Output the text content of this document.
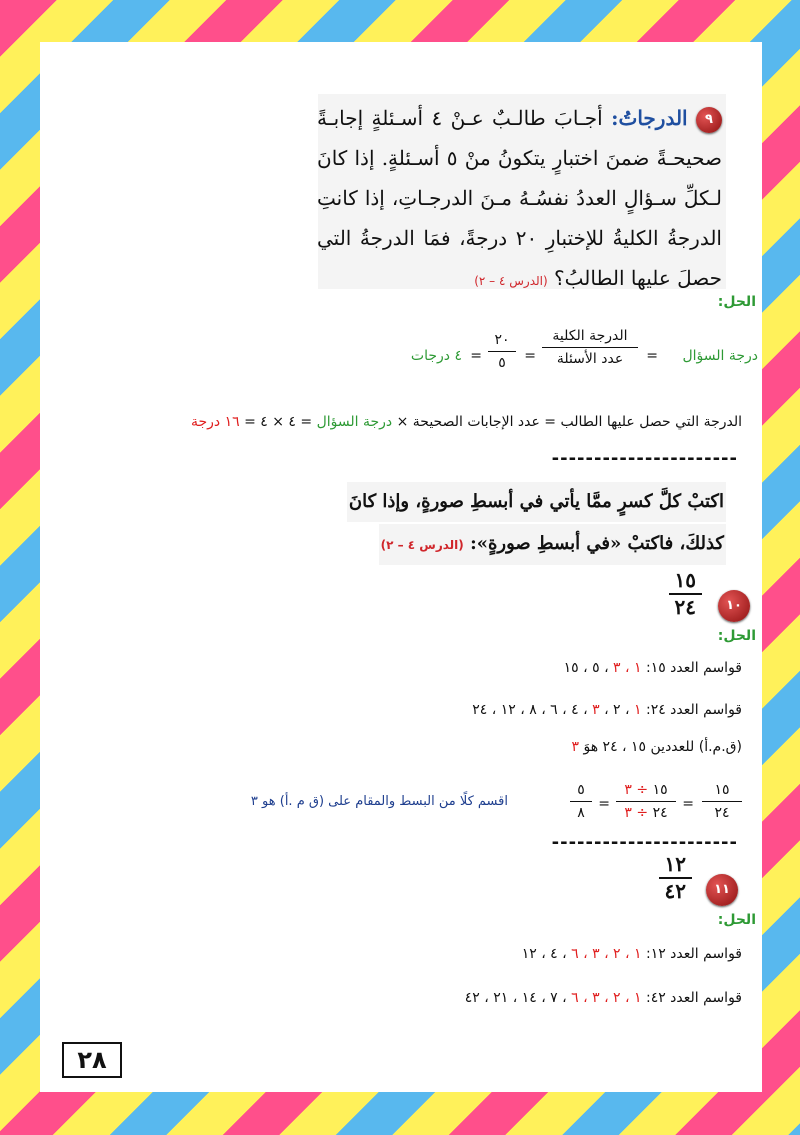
٩ الدرجاتُ: أجـابَ طالـبٌ عـنْ ٤ أسـئلةٍ إجابـةً صحيحـةً ضمنَ اختبارٍ يتكونُ منْ ٥ أسـئلةٍ. إذا كانَ لـكلِّ سـؤالٍ العددُ نفسُـهُ مـنَ الدرجـاتِ، إذا كانتِ الدرجةُ الكليةُ للإختبارِ ٢٠ درجةً، فمَا الدرجةُ التي حصلَ عليها الطالبُ؟ (الدرس ٤ – ٢)
الحل:
درجة السؤال
=
الدرجة الكلية
عدد الأسئلة
=
٢٠
٥
=
٤ درجات
الدرجة التي حصل عليها الطالب = عدد الإجابات الصحيحة × درجة السؤال = ٤ × ٤ = ١٦ درجة
----------------------
اكتبْ كلَّ كسرٍ ممَّا يأتي في أبسطِ صورةٍ، وإذا كانَ
كذلكَ، فاكتبْ «في أبسطِ صورةٍ»: (الدرس ٤ – ٢)
١٠
١٥
٢٤
الحل:
قواسم العدد ١٥: ١ ، ٣ ، ٥ ، ١٥
قواسم العدد ٢٤: ١ ، ٢ ، ٣ ، ٤ ، ٦ ، ٨ ، ١٢ ، ٢٤
(ق.م.أ) للعددين ١٥ ، ٢٤ هوَ ٣
١٥
٢٤
=
١٥ ÷ ٣
٢٤ ÷ ٣
=
٥
٨
اقسم كلًا من البسط والمقام على (ق م .أ) هو ٣
----------------------
١١
١٢
٤٢
الحل:
قواسم العدد ١٢: ١ ، ٢ ، ٣ ، ٦ ، ٤ ، ١٢
قواسم العدد ٤٢: ١ ، ٢ ، ٣ ، ٦ ، ٧ ، ١٤ ، ٢١ ، ٤٢
٢٨
